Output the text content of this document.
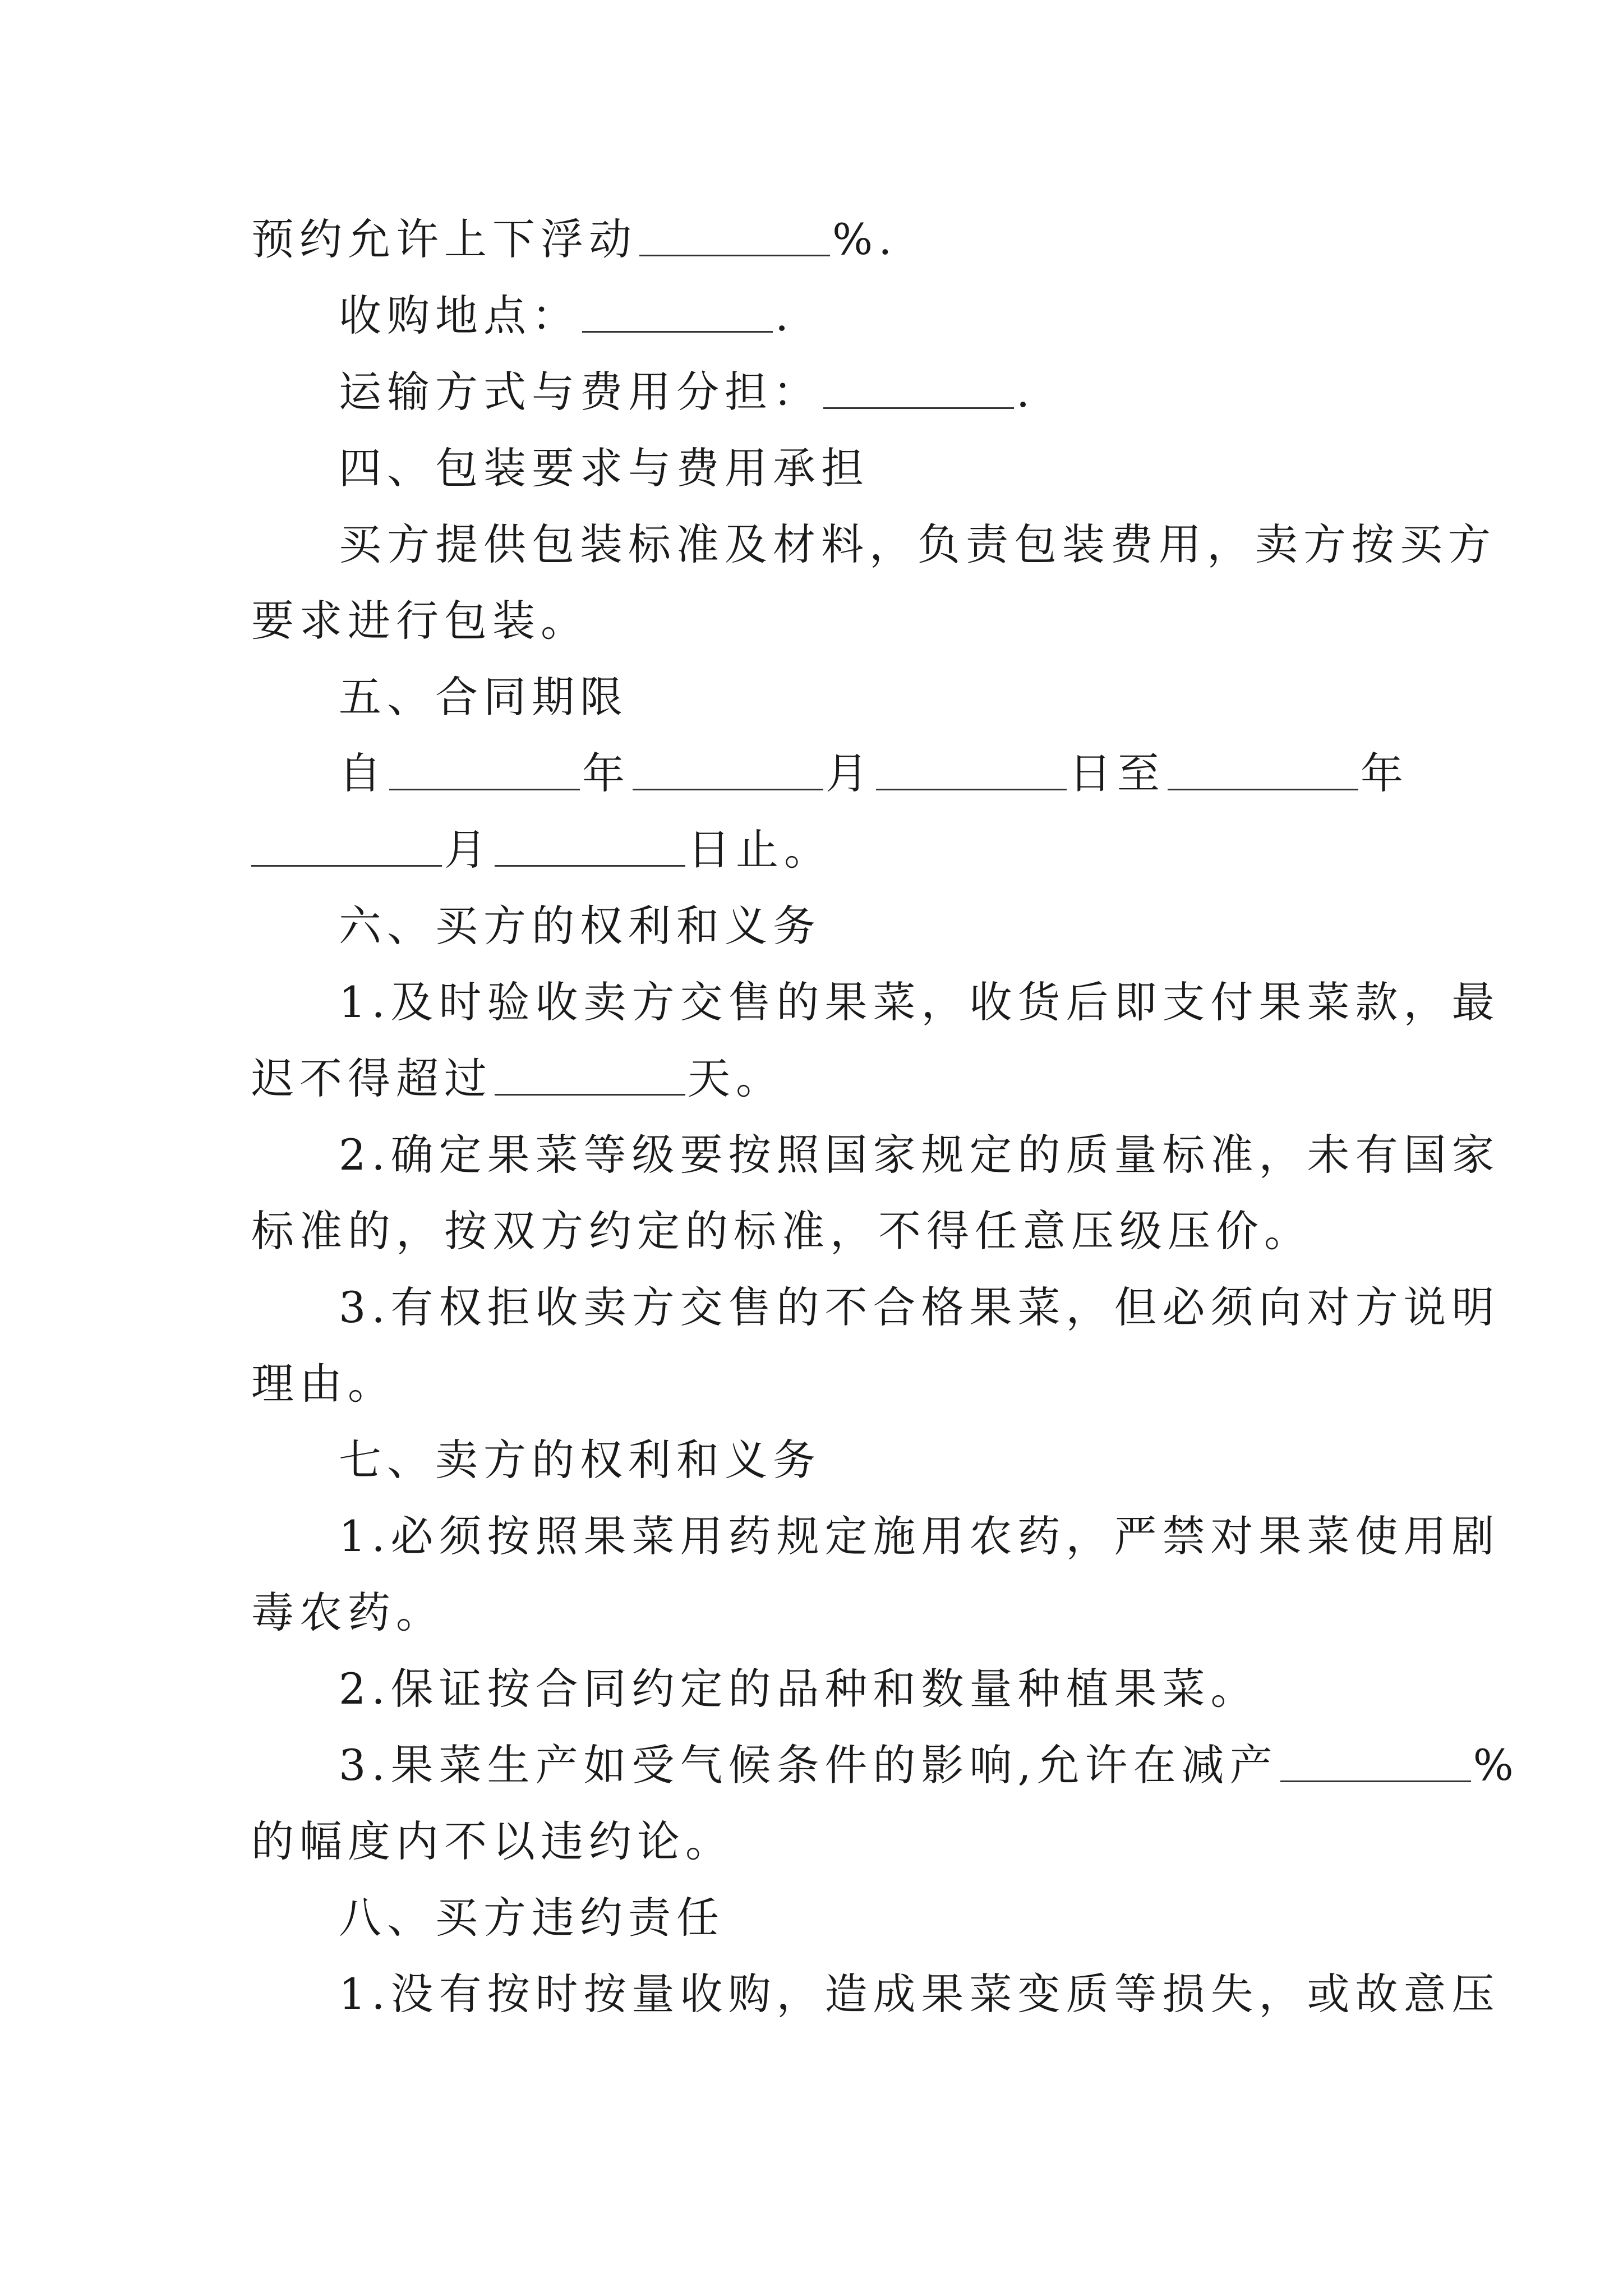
预约允许上下浮动	%.
收购地点：	.
运输方式与费用分担：	.
四、包装要求与费用承担
买方提供包装标准及材料，负责包装费用，卖方按买方
要求进行包装。
五、合同期限
自	年	月	日至	年
月	日止。
六、买方的权利和义务
1.及时验收卖方交售的果菜，收货后即支付果菜款，最
迟不得超过	天。
2.确定果菜等级要按照国家规定的质量标准，未有国家
标准的，按双方约定的标准，不得任意压级压价。
3.有权拒收卖方交售的不合格果菜，但必须向对方说明
理由。
七、卖方的权利和义务
1.必须按照果菜用药规定施用农药，严禁对果菜使用剧
毒农药。
2.保证按合同约定的品种和数量种植果菜。
3.果菜生产如受气候条件的影响,允许在减产	%
的幅度内不以违约论。
八、买方违约责任
1.没有按时按量收购，造成果菜变质等损失，或故意压
